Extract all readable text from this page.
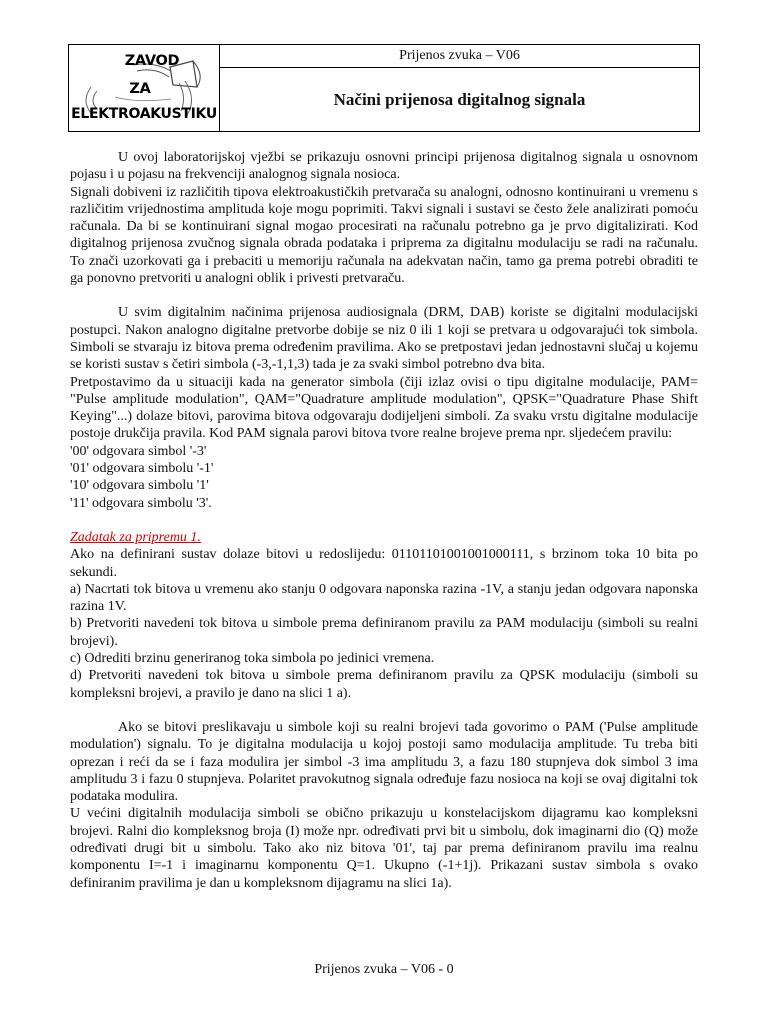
ZAVOD
ZA
ELEKTROAKUSTIKU
Prijenos zvuka – V06
Načini prijenosa digitalnog signala

U ovoj laboratorijskoj vježbi se prikazuju osnovni principi prijenosa digitalnog signala u osnovnom pojasu i u pojasu na frekvenciji analognog signala nosioca.

Signali dobiveni iz različitih tipova elektroakustičkih pretvarača su analogni, odnosno kontinuirani u vremenu s različitim vrijednostima amplituda koje mogu poprimiti. Takvi signali i sustavi se često žele analizirati pomoću računala. Da bi se kontinuirani signal mogao procesirati na računalu potrebno ga je prvo digitalizirati. Kod digitalnog prijenosa zvučnog signala obrada podataka i priprema za digitalnu modulaciju se radi na računalu. To znači uzorkovati ga i prebaciti u memoriju računala na adekvatan način, tamo ga prema potrebi obraditi te ga ponovno pretvoriti u analogni oblik i privesti pretvaraču.

U svim digitalnim načinima prijenosa audiosignala (DRM, DAB) koriste se digitalni modulacijski postupci. Nakon analogno digitalne pretvorbe dobije se niz 0 ili 1 koji se pretvara u odgovarajući tok simbola. Simboli se stvaraju iz bitova prema određenim pravilima. Ako se pretpostavi jedan jednostavni slučaj u kojemu se koristi sustav s četiri simbola (-3,-1,1,3) tada je za svaki simbol potrebno dva bita.

Pretpostavimo da u situaciji kada na generator simbola (čiji izlaz ovisi o tipu digitalne modulacije, PAM= "Pulse amplitude modulation", QAM="Quadrature amplitude modulation", QPSK="Quadrature Phase Shift Keying"...) dolaze bitovi, parovima bitova odgovaraju dodijeljeni simboli. Za svaku vrstu digitalne modulacije postoje drukčija pravila. Kod PAM signala parovi bitova tvore realne brojeve prema npr. sljedećem pravilu:

'00' odgovara simbol '-3'

'01' odgovara simbolu '-1'

'10' odgovara simbolu '1'

'11' odgovara simbolu '3'.

Zadatak za pripremu 1.

Ako na definirani sustav dolaze bitovi u redoslijedu: 0110110100100100011​1, s brzinom toka 10 bita po sekundi.

a) Nacrtati tok bitova u vremenu ako stanju 0 odgovara naponska razina -1V, a stanju jedan odgovara naponska razina 1V.

b) Pretvoriti navedeni tok bitova u simbole prema definiranom pravilu za PAM modulaciju (simboli su realni brojevi).

c) Odrediti brzinu generiranog toka simbola po jedinici vremena.

d) Pretvoriti navedeni tok bitova u simbole prema definiranom pravilu za QPSK modulaciju (simboli su kompleksni brojevi, a pravilo je dano na slici 1 a).

Ako se bitovi preslikavaju u simbole koji su realni brojevi tada govorimo o PAM ('Pulse amplitude modulation') signalu. To je digitalna modulacija u kojoj postoji samo modulacija amplitude. Tu treba biti oprezan i reći da se i faza modulira jer simbol -3 ima amplitudu 3, a fazu 180 stupnjeva dok simbol 3 ima amplitudu 3 i fazu 0 stupnjeva. Polaritet pravokutnog signala određuje fazu nosioca na koji se ovaj digitalni tok podataka modulira.

U većini digitalnih modulacija simboli se obično prikazuju u konstelacijskom dijagramu kao kompleksni brojevi. Ralni dio kompleksnog broja (I) može npr. određivati prvi bit u simbolu, dok imaginarni dio (Q) može određivati drugi bit u simbolu. Tako ako niz bitova '01', taj par prema definiranom pravilu ima realnu komponentu I=-1 i imaginarnu komponentu Q=1. Ukupno (-1+1j). Prikazani sustav simbola s ovako definiranim pravilima je dan u kompleksnom dijagramu na slici 1a).

Prijenos zvuka – V06 - 0
